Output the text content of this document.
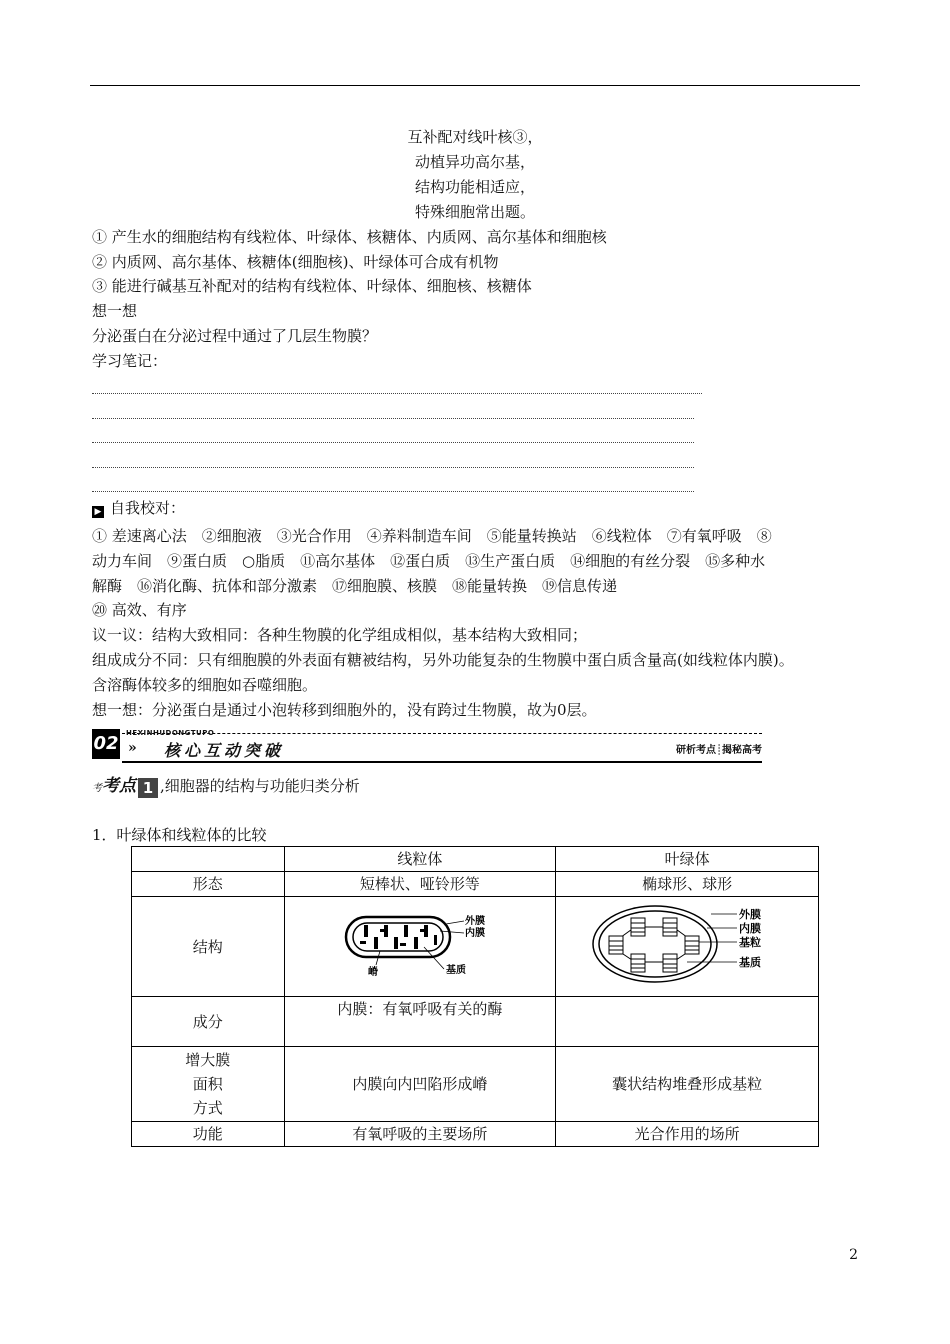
互补配对线叶核③，
动植异功高尔基，
结构功能相适应，
特殊细胞常出题。
① 产生水的细胞结构有线粒体、叶绿体、核糖体、内质网、高尔基体和细胞核
② 内质网、高尔基体、核糖体(细胞核)、叶绿体可合成有机物
③ 能进行碱基互补配对的结构有线粒体、叶绿体、细胞核、核糖体
想一想
分泌蛋白在分泌过程中通过了几层生物膜？
学习笔记：
▶ 自我校对：
① 差速离心法　②细胞液　③光合作用　④养料制造车间　⑤能量转换站　⑥线粒体　⑦有氧呼吸　⑧
动力车间　⑨蛋白质　○脂质　⑪高尔基体　⑫蛋白质　⑬生产蛋白质　⑭细胞的有丝分裂　⑮多种水
解酶　⑯消化酶、抗体和部分激素　⑰细胞膜、核膜　⑱能量转换　⑲信息传递
⑳ 高效、有序
议一议：结构大致相同：各种生物膜的化学组成相似，基本结构大致相同；
组成成分不同：只有细胞膜的外表面有糖被结构，另外功能复杂的生物膜中蛋白质含量高(如线粒体内膜)。
含溶酶体较多的细胞如吞噬细胞。
想一想：分泌蛋白是通过小泡转移到细胞外的，没有跨过生物膜，故为0层。
02 HEXINHUDONGTUPO
» 核心互动突破	研析考点┊揭秘高考
考考点 1 ,细胞器的结构与功能归类分析
1．叶绿体和线粒体的比较
	线粒体	叶绿体
形态	短棒状、哑铃形等	椭球形、球形
结构	外膜
内膜
嵴 基质	外膜
内膜
基粒
基质

成分	内膜：有氧呼吸有关的酶	

增大膜
面积
方式	内膜向内凹陷形成嵴	囊状结构堆叠形成基粒
功能	有氧呼吸的主要场所	光合作用的场所
2
